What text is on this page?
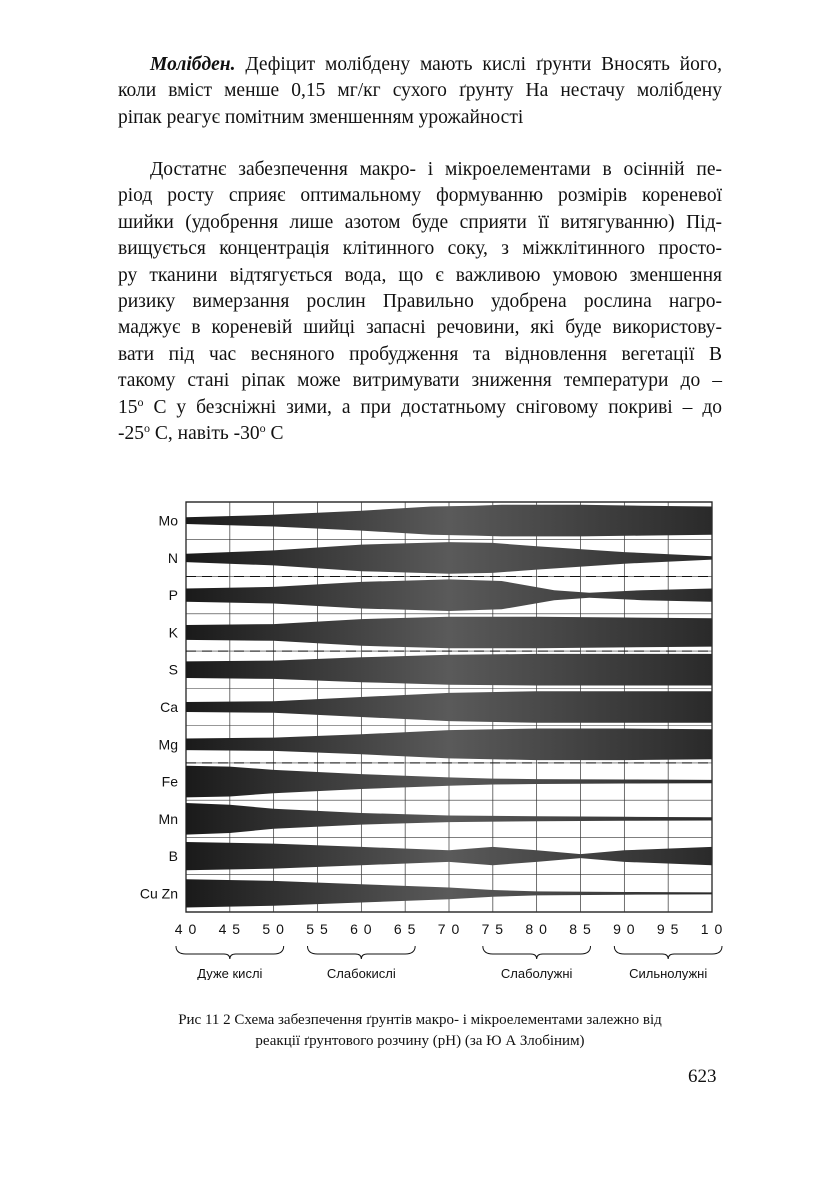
Молібден. Дефіцит молібдену мають кислі ґрунти Вносять його,
коли вміст менше 0,15 мг/кг сухого ґрунту На нестачу молібдену
ріпак реагує помітним зменшенням урожайності

Достатнє забезпечення макро- і мікроелементами в осінній пе-
ріод росту сприяє оптимальному формуванню розмірів кореневої
шийки (удобрення лише азотом буде сприяти її витягуванню) Під-
вищується концентрація клітинного соку, з міжклітинного просто-
ру тканини відтягується вода, що є важливою умовою зменшення
ризику вимерзання рослин Правильно удобрена рослина нагро-
маджує в кореневій шийці запасні речовини, які буде використову-
вати під час весняного пробудження та відновлення вегетації В
такому стані ріпак може витримувати зниження температури до –
$15^о$ С у безсніжні зими, а при достатньому сніговому покриві – до
$-25^о$ С, навіть $-30^о$ С

Mo
N
P
K
S
Ca
Mg
Fe
Mn
B
Cu Zn
4 0 4 5 5 0 5 5 6 0 6 5 7 0 7 5 8 0 8 5 9 0 9 5 1 0
Дуже кислі	Слабокислі	Слаболужні	Сильнолужні
Рис 11 2 Схема забезпечення ґрунтів макро- і мікроелементами залежно від
реакції ґрунтового розчину (рН) (за Ю А Злобіним)
623
